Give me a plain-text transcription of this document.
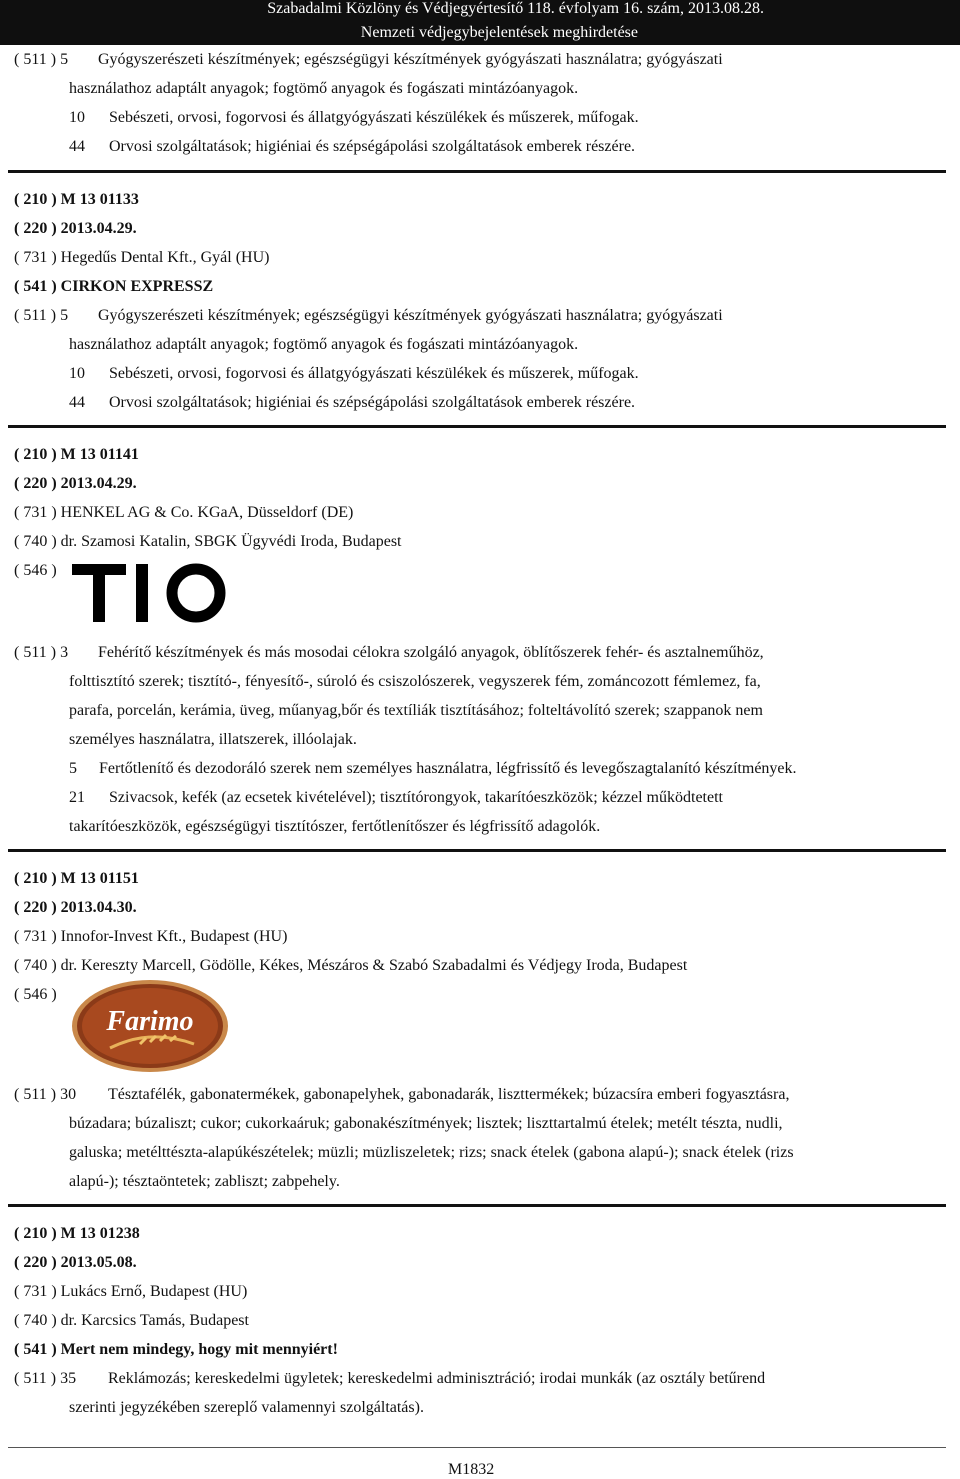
Szabadalmi Közlöny és Védjegyértesítő 118. évfolyam 16. szám, 2013.08.28.
Nemzeti védjegybejelentések meghirdetése
( 511 ) 5 Gyógyszerészeti készítmények; egészségügyi készítmények gyógyászati használatra; gyógyászati
használathoz adaptált anyagok; fogtömő anyagok és fogászati mintázóanyagok.
10 Sebészeti, orvosi, fogorvosi és állatgyógyászati készülékek és műszerek, műfogak.
44 Orvosi szolgáltatások; higiéniai és szépségápolási szolgáltatások emberek részére.
( 210 ) M 13 01133
( 220 ) 2013.04.29.
( 731 ) Hegedűs Dental Kft., Gyál (HU)
( 541 ) CIRKON EXPRESSZ
( 511 ) 5 Gyógyszerészeti készítmények; egészségügyi készítmények gyógyászati használatra; gyógyászati
használathoz adaptált anyagok; fogtömő anyagok és fogászati mintázóanyagok.
10 Sebészeti, orvosi, fogorvosi és állatgyógyászati készülékek és műszerek, műfogak.
44 Orvosi szolgáltatások; higiéniai és szépségápolási szolgáltatások emberek részére.
( 210 ) M 13 01141
( 220 ) 2013.04.29.
( 731 ) HENKEL AG & Co. KGaA, Düsseldorf (DE)
( 740 ) dr. Szamosi Katalin, SBGK Ügyvédi Iroda, Budapest
( 546 )
( 511 ) 3 Fehérítő készítmények és más mosodai célokra szolgáló anyagok, öblítőszerek fehér- és asztalneműhöz,
folttisztító szerek; tisztító-, fényesítő-, súroló és csiszolószerek, vegyszerek fém, zománcozott fémlemez, fa,
parafa, porcelán, kerámia, üveg, műanyag,bőr és textíliák tisztításához; folteltávolító szerek; szappanok nem
személyes használatra, illatszerek, illóolajak.
5 Fertőtlenítő és dezodoráló szerek nem személyes használatra, légfrissítő és levegőszagtalanító készítmények.
21 Szivacsok, kefék (az ecsetek kivételével); tisztítórongyok, takarítóeszközök; kézzel működtetett
takarítóeszközök, egészségügyi tisztítószer, fertőtlenítőszer és légfrissítő adagolók.
( 210 ) M 13 01151
( 220 ) 2013.04.30.
( 731 ) Innofor-Invest Kft., Budapest (HU)
( 740 ) dr. Kereszty Marcell, Gödölle, Kékes, Mészáros & Szabó Szabadalmi és Védjegy Iroda, Budapest
( 546 )
Farimo
( 511 ) 30 Tésztafélék, gabonatermékek, gabonapelyhek, gabonadarák, liszttermékek; búzacsíra emberi fogyasztásra,
búzadara; búzaliszt; cukor; cukorkaáruk; gabonakészítmények; lisztek; liszttartalmú ételek; metélt tészta, nudli,
galuska; metélttészta-alapúkészételek; müzli; müzliszeletek; rizs; snack ételek (gabona alapú-); snack ételek (rizs
alapú-); tésztaöntetek; zabliszt; zabpehely.
( 210 ) M 13 01238
( 220 ) 2013.05.08.
( 731 ) Lukács Ernő, Budapest (HU)
( 740 ) dr. Karcsics Tamás, Budapest
( 541 ) Mert nem mindegy, hogy mit mennyiért!
( 511 ) 35 Reklámozás; kereskedelmi ügyletek; kereskedelmi adminisztráció; irodai munkák (az osztály betűrend
szerinti jegyzékében szereplő valamennyi szolgáltatás).
M1832
